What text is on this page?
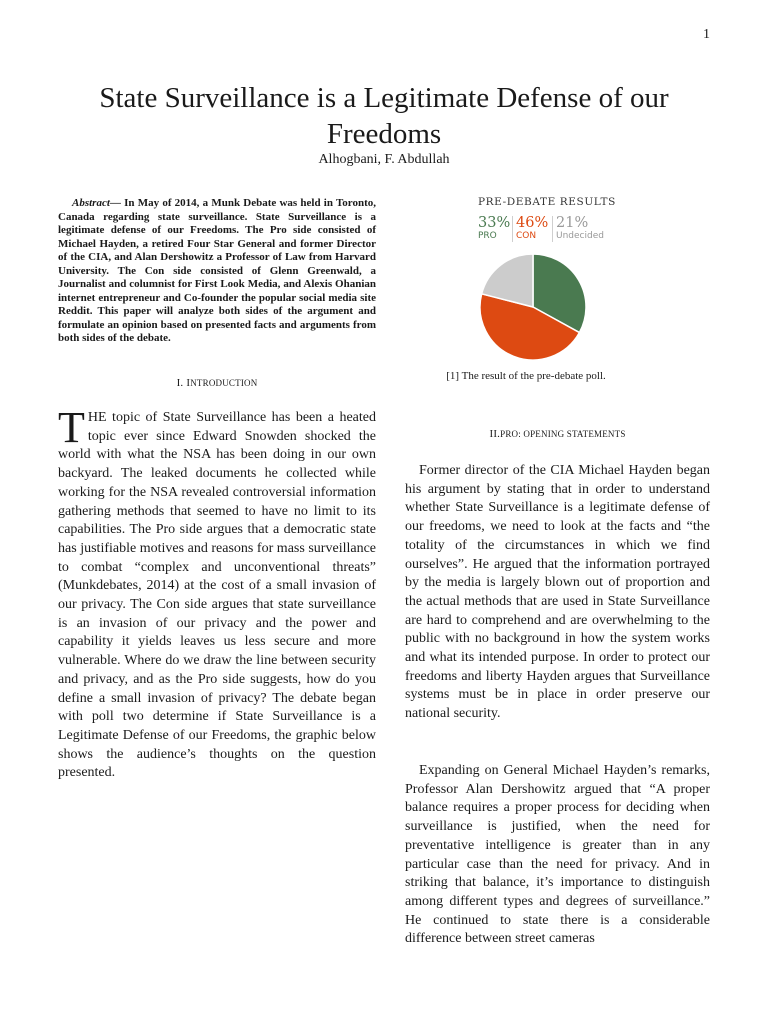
1
State Surveillance is a Legitimate Defense of our Freedoms
Alhogbani, F. Abdullah

Abstract— In May of 2014, a Munk Debate was held in Toronto, Canada regarding state surveillance. State Surveillance is a legitimate defense of our Freedoms. The Pro side consisted of Michael Hayden, a retired Four Star General and former Director of the CIA, and Alan Dershowitz a Professor of Law from Harvard University. The Con side consisted of Glenn Greenwald, a Journalist and columnist for First Look Media, and Alexis Ohanian internet entrepreneur and Co-founder the popular social media site Reddit. This paper will analyze both sides of the argument and formulate an opinion based on presented facts and arguments from both sides of the debate.

I. INTRODUCTION

THE topic of State Surveillance has been a heated topic ever since Edward Snowden shocked the world with what the NSA has been doing in our own backyard. The leaked documents he collected while working for the NSA revealed controversial information gathering methods that seemed to have no limit to its capabilities. The Pro side argues that a democratic state has justifiable motives and reasons for mass surveillance to combat “complex and unconventional threats” (Munkdebates, 2014) at the cost of a small invasion of our privacy. The Con side argues that state surveillance is an invasion of our privacy and the power and capability it yields leaves us less secure and more vulnerable. Where do we draw the line between security and privacy, and as the Pro side suggests, how do you define a small invasion of privacy? The debate began with poll two determine if State Surveillance is a Legitimate Defense of our Freedoms, the graphic below shows the audience’s thoughts on the question presented.

PRE-DEBATE RESULTS
33%
PRO
46%
CON
21%
Undecided
[1] The result of the pre-debate poll.
II.PRO: OPENING STATEMENTS

Former director of the CIA Michael Hayden began his argument by stating that in order to understand whether State Surveillance is a legitimate defense of our freedoms, we need to look at the facts and “the totality of the circumstances in which we find ourselves”. He argued that the information portrayed by the media is largely blown out of proportion and the actual methods that are used in State Surveillance are hard to comprehend and are overwhelming to the public with no background in how the system works and what its intended purpose. In order to protect our freedoms and liberty Hayden argues that Surveillance systems must be in place in order preserve our national security.

Expanding on General Michael Hayden’s remarks, Professor Alan Dershowitz argued that “A proper balance requires a proper process for deciding when surveillance is justified, when the need for preventative intelligence is greater than in any particular case than the need for privacy. And in striking that balance, it’s importance to distinguish among different types and degrees of surveillance.” He continued to state there is a considerable difference between street cameras
